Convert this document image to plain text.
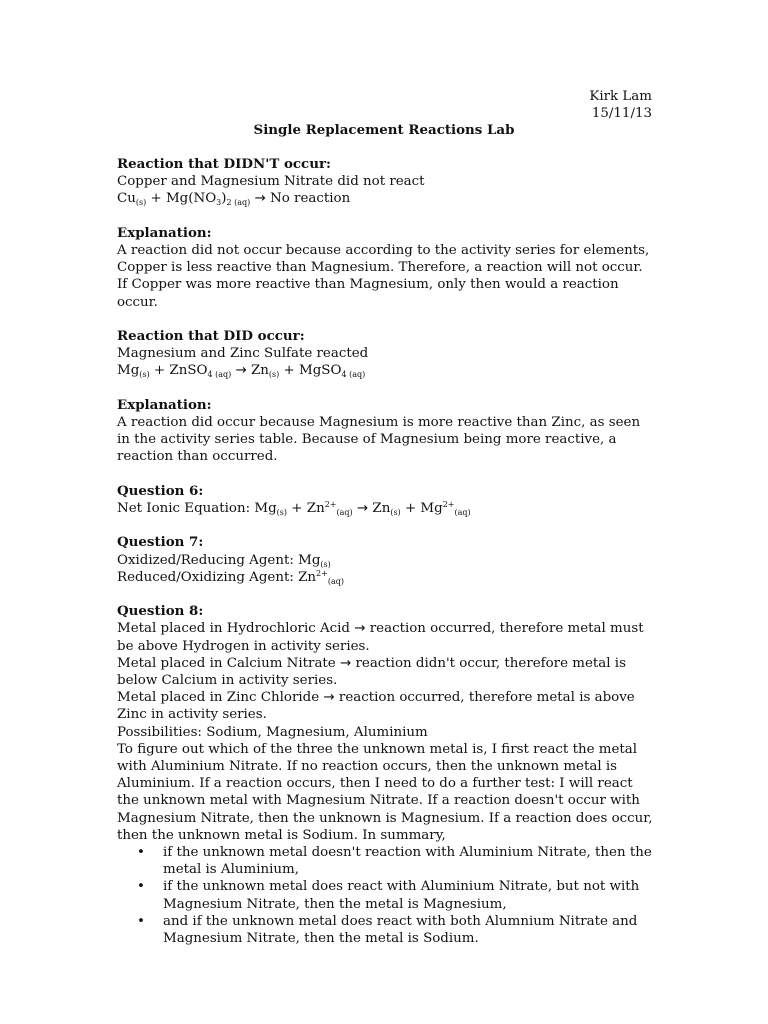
Kirk Lam
15/11/13
Single Replacement Reactions Lab
Reaction that DIDN'T occur:
Copper and Magnesium Nitrate did not react
$Cu_{(s)} + Mg(NO_3)_{2 (aq)} \to No$ reaction
Explanation:
A reaction did not occur because according to the activity series for elements, Copper is less reactive than Magnesium. Therefore, a reaction will not occur. If Copper was more reactive than Magnesium, only then would a reaction occur.
Reaction that DID occur:
Magnesium and Zinc Sulfate reacted
$Mg_{(s)}$ + ZnSO$_{4 (aq)}$ → $Zn_{(s)}$ + MgSO$_{4 (aq)}$
Explanation:
A reaction did occur because Magnesium is more reactive than Zinc, as seen in the activity series table. Because of Magnesium being more reactive, a reaction than occurred.
Question 6:
Net Ionic Equation: $Mg_{(s)} + Zn^{2+}_{(aq)} \to Zn_{(s)} + Mg^{2+}_{(aq)}$
Question 7:
Oxidized/Reducing Agent: $Mg_{(s)}$
Reduced/Oxidizing Agent: $Zn^{2+}_{(aq)}$
Question 8:
Metal placed in Hydrochloric Acid → reaction occurred, therefore metal must be above Hydrogen in activity series.
Metal placed in Calcium Nitrate → reaction didn't occur, therefore metal is below Calcium in activity series.
Metal placed in Zinc Chloride → reaction occurred, therefore metal is above Zinc in activity series.
Possibilities: Sodium, Magnesium, Aluminium
To figure out which of the three the unknown metal is, I first react the metal with Aluminium Nitrate. If no reaction occurs, then the unknown metal is Aluminium. If a reaction occurs, then I need to do a further test: I will react the unknown metal with Magnesium Nitrate. If a reaction doesn't occur with Magnesium Nitrate, then the unknown is Magnesium. If a reaction does occur, then the unknown metal is Sodium. In summary,
• if the unknown metal doesn't reaction with Aluminium Nitrate, then the metal is Aluminium,
• if the unknown metal does react with Aluminium Nitrate, but not with Magnesium Nitrate, then the metal is Magnesium,
• and if the unknown metal does react with both Alumnium Nitrate and Magnesium Nitrate, then the metal is Sodium.
